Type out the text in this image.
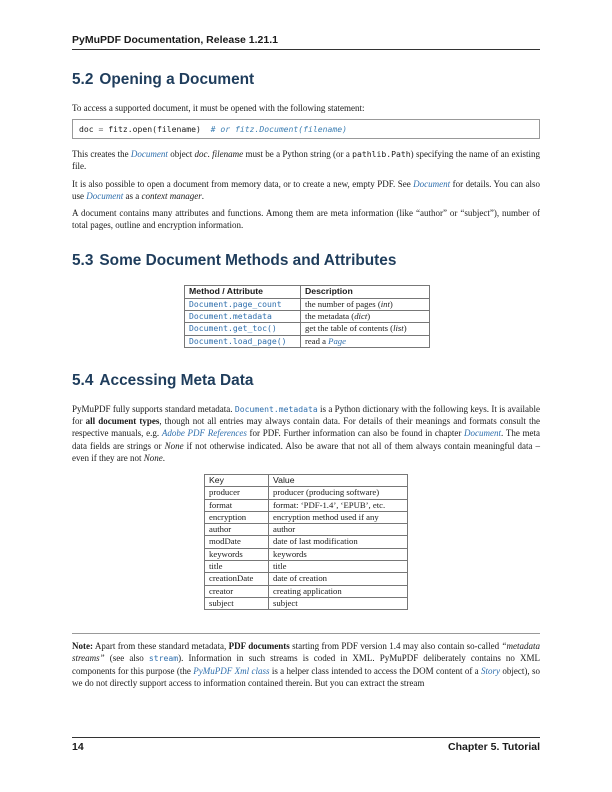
PyMuPDF Documentation, Release 1.21.1
5.2 Opening a Document

To access a supported document, it must be opened with the following statement:

doc = fitz.open(filename) # or fitz.Document(filename)

This creates the Document object doc. filename must be a Python string (or a pathlib.Path) specifying the name of an existing file.

It is also possible to open a document from memory data, or to create a new, empty PDF. See Document for details. You can also use Document as a context manager.

A document contains many attributes and functions. Among them are meta information (like “author” or “subject”), number of total pages, outline and encryption information.

5.3 Some Document Methods and Attributes
Method / Attribute	Description
Document.page_count	the number of pages (int)
Document.metadata	the metadata (dict)
Document.get_toc()	get the table of contents (list)
Document.load_page()	read a Page
5.4 Accessing Meta Data

PyMuPDF fully supports standard metadata. Document.metadata is a Python dictionary with the following keys. It is available for all document types, though not all entries may always contain data. For details of their meanings and formats consult the respective manuals, e.g. Adobe PDF References for PDF. Further information can also be found in chapter Document. The meta data fields are strings or None if not otherwise indicated. Also be aware that not all of them always contain meaningful data – even if they are not None.

Key	Value
producer	producer (producing software)
format	format: ‘PDF-1.4’, ‘EPUB’, etc.
encryption	encryption method used if any
author	author
modDate	date of last modification
keywords	keywords
title	title
creationDate	date of creation
creator	creating application
subject	subject

Note: Apart from these standard metadata, PDF documents starting from PDF version 1.4 may also contain so-called “metadata streams” (see also stream). Information in such streams is coded in XML. PyMuPDF deliberately contains no XML components for this purpose (the PyMuPDF Xml class is a helper class intended to access the DOM content of a Story object), so we do not directly support access to information contained therein. But you can extract the stream

14	Chapter 5. Tutorial
